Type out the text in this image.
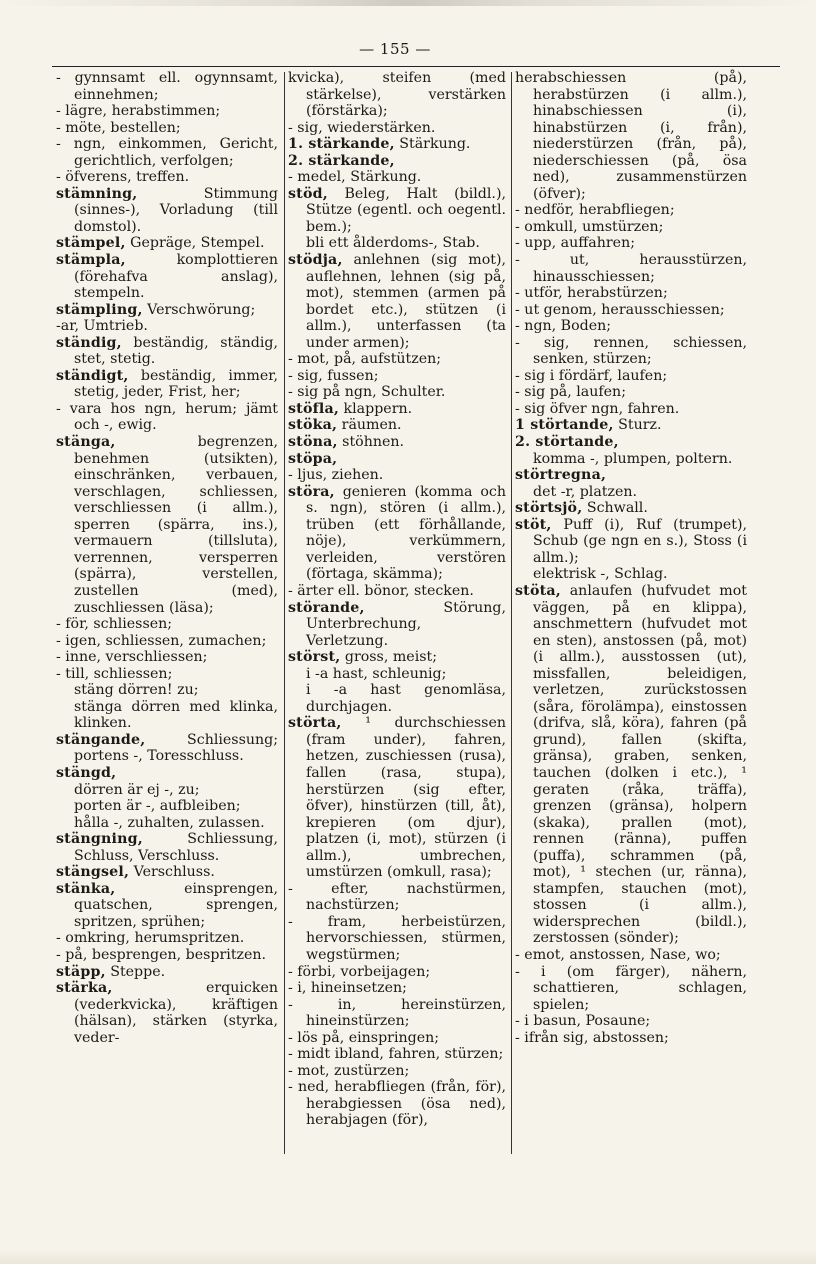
— 155 —

- gynnsamt ell. ogynnsamt, einnehmen;

- lägre, herabstimmen;

- möte, bestellen;

- ngn, einkommen, Gericht, gerichtlich, verfolgen;

- öfverens, treffen.

stämning, Stimmung (sinnes-), Vorladung (till domstol).

stämpel, Gepräge, Stempel.

stämpla, komplottieren (förehafva anslag), stempeln.

stämpling, Verschwörung;

-ar, Umtrieb.

ständig, beständig, ständig, stet, stetig.

ständigt, beständig, immer, stetig, jeder, Frist, her;

- vara hos ngn, herum; jämt och -, ewig.

stänga, begrenzen, benehmen (utsikten), einschränken, verbauen, verschlagen, schliessen, verschliessen (i allm.), sperren (spärra, ins.), vermauern (tillsluta), verrennen, versperren (spärra), verstellen, zustellen (med), zuschliessen (läsa);

- för, schliessen;

- igen, schliessen, zumachen;

- inne, verschliessen;

- till, schliessen;

stäng dörren! zu;

stänga dörren med klinka, klinken.

stängande, Schliessung; portens -, Toresschluss.

stängd,

dörren är ej -, zu;

porten är -, aufbleiben;

hålla -, zuhalten, zulassen.

stängning, Schliessung, Schluss, Verschluss.

stängsel, Verschluss.

stänka, einsprengen, quatschen, sprengen, spritzen, sprühen;

- omkring, herumspritzen.

- på, besprengen, bespritzen.

stäpp, Steppe.

stärka, erquicken (vederkvicka), kräftigen (hälsan), stärken (styrka, veder-

kvicka), steifen (med stärkelse), verstärken (förstärka);

- sig, wiederstärken.

1. stärkande, Stärkung.

2. stärkande,

- medel, Stärkung.

stöd, Beleg, Halt (bildl.), Stütze (egentl. och oegentl. bem.);

bli ett ålderdoms-, Stab.

stödja, anlehnen (sig mot), auflehnen, lehnen (sig på, mot), stemmen (armen på bordet etc.), stützen (i allm.), unterfassen (ta under armen);

- mot, på, aufstützen;

- sig, fussen;

- sig på ngn, Schulter.

stöfla, klappern.

stöka, räumen.

stöna, stöhnen.

stöpa,

- ljus, ziehen.

störa, genieren (komma och s. ngn), stören (i allm.), trüben (ett förhållande, nöje), verkümmern, verleiden, verstören (förtaga, skämma);

- ärter ell. bönor, stecken.

störande, Störung, Unterbrechung, Verletzung.

störst, gross, meist;

i -a hast, schleunig;

i -a hast genomläsa, durchjagen.

störta, ¹ durchschiessen (fram under), fahren, hetzen, zuschiessen (rusa), fallen (rasa, stupa), herstürzen (sig efter, öfver), hinstürzen (till, åt), krepieren (om djur), platzen (i, mot), stürzen (i allm.), umbrechen, umstürzen (omkull, rasa);

- efter, nachstürmen, nachstürzen;

- fram, herbeistürzen, hervorschiessen, stürmen, wegstürmen;

- förbi, vorbeijagen;

- i, hineinsetzen;

- in, hereinstürzen, hineinstürzen;

- lös på, einspringen;

- midt ibland, fahren, stürzen;

- mot, zustürzen;

- ned, herabfliegen (från, för), herabgiessen (ösa ned), herabjagen (för),

herabschiessen (på), herabstürzen (i allm.), hinabschiessen (i), hinabstürzen (i, från), niederstürzen (från, på), niederschiessen (på, ösa ned), zusammenstürzen (öfver);

- nedför, herabfliegen;

- omkull, umstürzen;

- upp, auffahren;

- ut, herausstürzen, hinausschiessen;

- utför, herabstürzen;

- ut genom, herausschiessen;

- ngn, Boden;

- sig, rennen, schiessen, senken, stürzen;

- sig i fördärf, laufen;

- sig på, laufen;

- sig öfver ngn, fahren.

1 störtande, Sturz.

2. störtande,

komma -, plumpen, poltern.

störtregna,

det -r, platzen.

störtsjö, Schwall.

stöt, Puff (i), Ruf (trumpet), Schub (ge ngn en s.), Stoss (i allm.);

elektrisk -, Schlag.

stöta, anlaufen (hufvudet mot väggen, på en klippa), anschmettern (hufvudet mot en sten), anstossen (på, mot) (i allm.), ausstossen (ut), missfallen, beleidigen, verletzen, zurückstossen (såra, förolämpa), einstossen (drifva, slå, köra), fahren (på grund), fallen (skifta, gränsa), graben, senken, tauchen (dolken i etc.), ¹ geraten (råka, träffa), grenzen (gränsa), holpern (skaka), prallen (mot), rennen (ränna), puffen (puffa), schrammen (på, mot), ¹ stechen (ur, ränna), stampfen, stauchen (mot), stossen (i allm.), widersprechen (bildl.), zerstossen (sönder);

- emot, anstossen, Nase, wo;

- i (om färger), nähern, schattieren, schlagen, spielen;

- i basun, Posaune;

- ifrån sig, abstossen;
